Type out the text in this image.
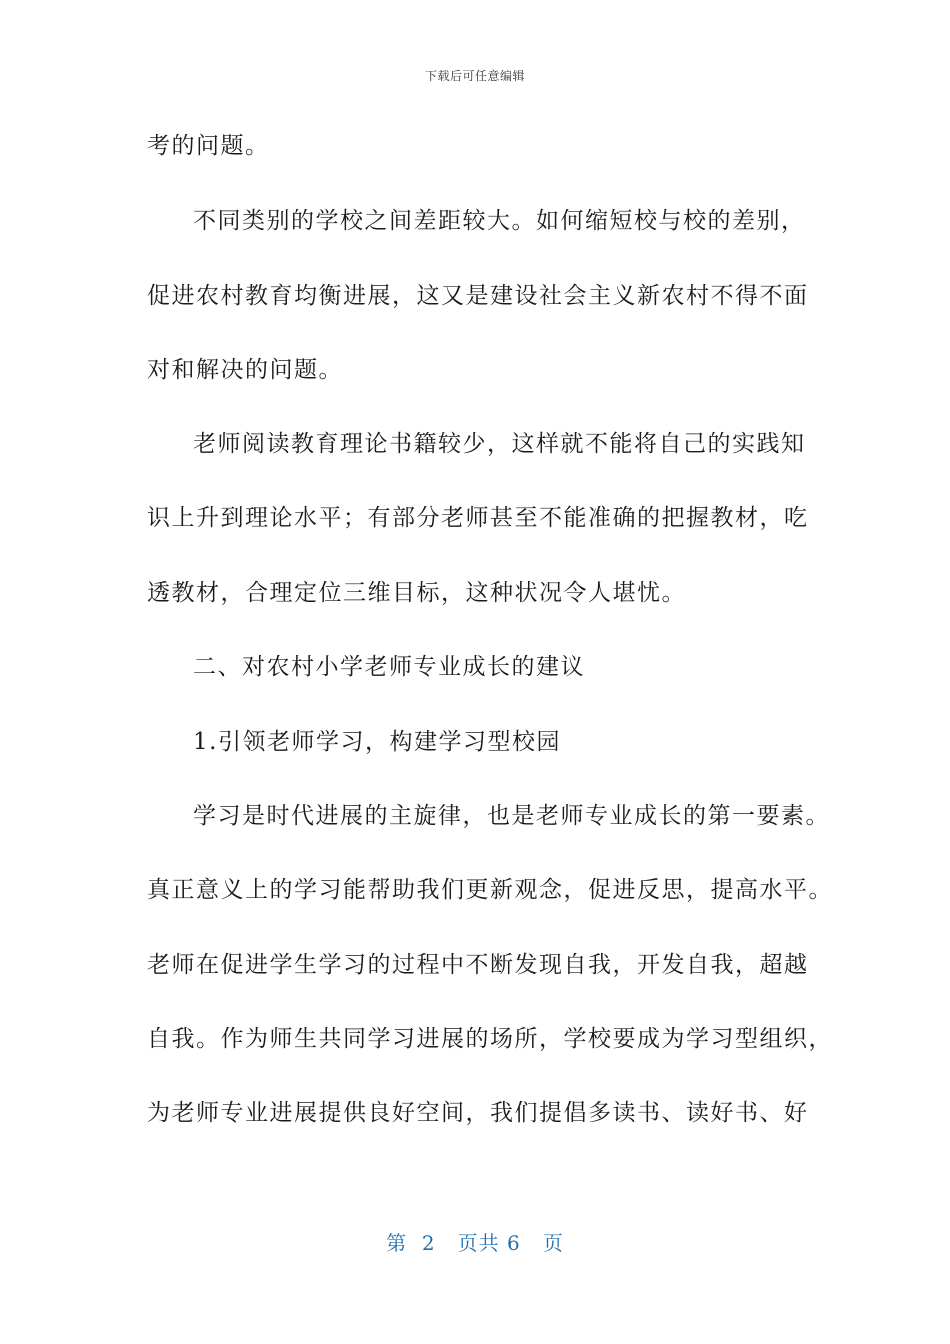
下载后可任意编辑
考的问题。
不同类别的学校之间差距较大。如何缩短校与校的差别，
促进农村教育均衡进展，这又是建设社会主义新农村不得不面
对和解决的问题。
老师阅读教育理论书籍较少，这样就不能将自己的实践知
识上升到理论水平；有部分老师甚至不能准确的把握教材，吃
透教材，合理定位三维目标，这种状况令人堪忧。
二、对农村小学老师专业成长的建议
1.引领老师学习，构建学习型校园
学习是时代进展的主旋律，也是老师专业成长的第一要素。
真正意义上的学习能帮助我们更新观念，促进反思，提高水平。
老师在促进学生学习的过程中不断发现自我，开发自我，超越
自我。作为师生共同学习进展的场所，学校要成为学习型组织，
为老师专业进展提供良好空间，我们提倡多读书、读好书、好
第 2 页共 6 页
